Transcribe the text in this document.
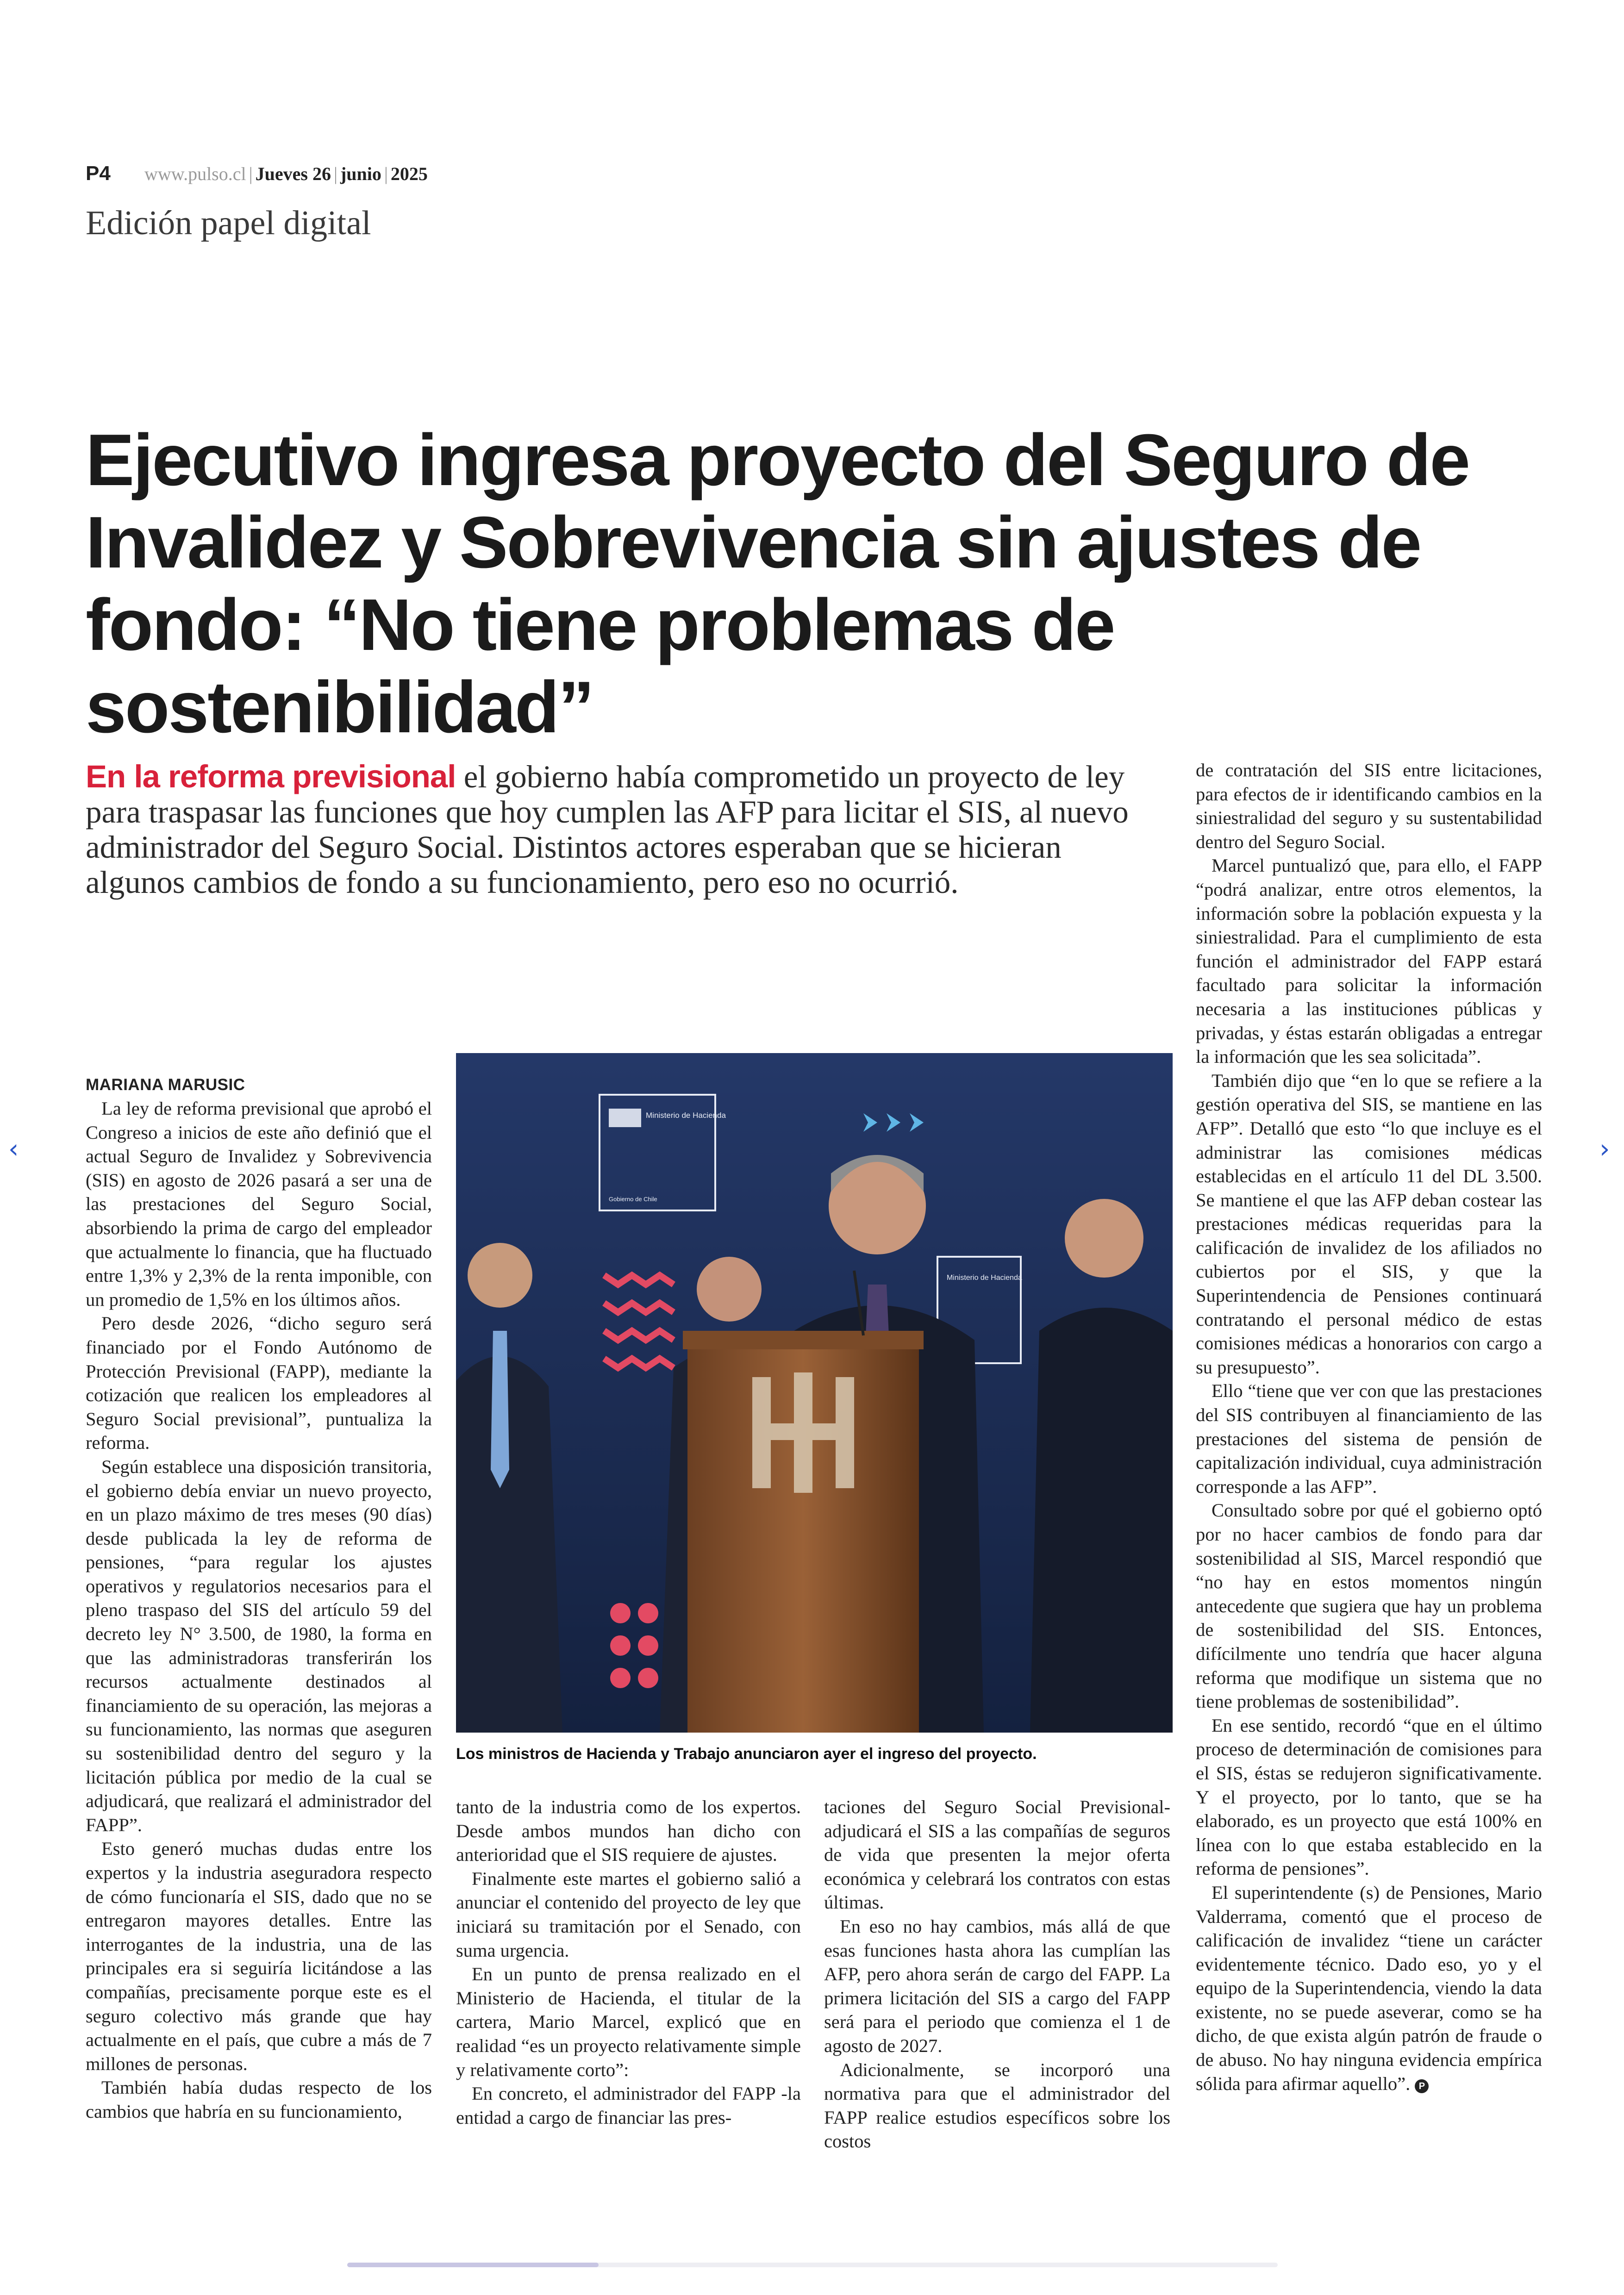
P4 www.pulso.cl | Jueves 26 | junio | 2025
Edición papel digital
Ejecutivo ingresa proyecto del Seguro de Invalidez y Sobrevivencia sin ajustes de fondo: “No tiene problemas de sostenibilidad”
En la reforma previsional el gobierno había comprometido un proyecto de ley para traspasar las funciones que hoy cumplen las AFP para licitar el SIS, al nuevo administrador del Seguro Social. Distintos actores esperaban que se hicieran algunos cambios de fondo a su funcionamiento, pero eso no ocurrió.
MARIANA MARUSIC

La ley de reforma previsional que aprobó el Congreso a inicios de este año definió que el actual Seguro de Invalidez y Sobrevivencia (SIS) en agosto de 2026 pasará a ser una de las prestaciones del Seguro Social, absorbiendo la prima de cargo del empleador que actualmente lo financia, que ha fluctuado entre 1,3% y 2,3% de la renta imponible, con un promedio de 1,5% en los últimos años.

Pero desde 2026, “dicho seguro será financiado por el Fondo Autónomo de Protección Previsional (FAPP), mediante la cotización que realicen los empleadores al Seguro Social previsional”, puntualiza la reforma.

Según establece una disposición transitoria, el gobierno debía enviar un nuevo proyecto, en un plazo máximo de tres meses (90 días) desde publicada la ley de reforma de pensiones, “para regular los ajustes operativos y regulatorios necesarios para el pleno traspaso del SIS del artículo 59 del decreto ley N° 3.500, de 1980, la forma en que las administradoras transferirán los recursos actualmente destinados al financiamiento de su operación, las mejoras a su funcionamiento, las normas que aseguren su sostenibilidad dentro del seguro y la licitación pública por medio de la cual se adjudicará, que realizará el administrador del FAPP”.

Esto generó muchas dudas entre los expertos y la industria aseguradora respecto de cómo funcionaría el SIS, dado que no se entregaron mayores detalles. Entre las interrogantes de la industria, una de las principales era si seguiría licitándose a las compañías, precisamente porque este es el seguro colectivo más grande que hay actualmente en el país, que cubre a más de 7 millones de personas.

También había dudas respecto de los cambios que habría en su funcionamiento,

Ministerio de Hacienda
Gobierno de Chile
Ministerio de Hacienda
Los ministros de Hacienda y Trabajo anunciaron ayer el ingreso del proyecto.

tanto de la industria como de los expertos. Desde ambos mundos han dicho con anterioridad que el SIS requiere de ajustes.

Finalmente este martes el gobierno salió a anunciar el contenido del proyecto de ley que iniciará su tramitación por el Senado, con suma urgencia.

En un punto de prensa realizado en el Ministerio de Hacienda, el titular de la cartera, Mario Marcel, explicó que en realidad “es un proyecto relativamente simple y relativamente corto”:

En concreto, el administrador del FAPP -la entidad a cargo de financiar las pres-

taciones del Seguro Social Previsional- adjudicará el SIS a las compañías de seguros de vida que presenten la mejor oferta económica y celebrará los contratos con estas últimas.

En eso no hay cambios, más allá de que esas funciones hasta ahora las cumplían las AFP, pero ahora serán de cargo del FAPP. La primera licitación del SIS a cargo del FAPP será para el periodo que comienza el 1 de agosto de 2027.

Adicionalmente, se incorporó una normativa para que el administrador del FAPP realice estudios específicos sobre los costos

de contratación del SIS entre licitaciones, para efectos de ir identificando cambios en la siniestralidad del seguro y su sustentabilidad dentro del Seguro Social.

Marcel puntualizó que, para ello, el FAPP “podrá analizar, entre otros elementos, la información sobre la población expuesta y la siniestralidad. Para el cumplimiento de esta función el administrador del FAPP estará facultado para solicitar la información necesaria a las instituciones públicas y privadas, y éstas estarán obligadas a entregar la información que les sea solicitada”.

También dijo que “en lo que se refiere a la gestión operativa del SIS, se mantiene en las AFP”. Detalló que esto “lo que incluye es el administrar las comisiones médicas establecidas en el artículo 11 del DL 3.500. Se mantiene el que las AFP deban costear las prestaciones médicas requeridas para la calificación de invalidez de los afiliados no cubiertos por el SIS, y que la Superintendencia de Pensiones continuará contratando el personal médico de estas comisiones médicas a honorarios con cargo a su presupuesto”.

Ello “tiene que ver con que las prestaciones del SIS contribuyen al financiamiento de las prestaciones del sistema de pensión de capitalización individual, cuya administración corresponde a las AFP”.

Consultado sobre por qué el gobierno optó por no hacer cambios de fondo para dar sostenibilidad al SIS, Marcel respondió que “no hay en estos momentos ningún antecedente que sugiera que hay un problema de sostenibilidad del SIS. Entonces, difícilmente uno tendría que hacer alguna reforma que modifique un sistema que no tiene problemas de sostenibilidad”.

En ese sentido, recordó “que en el último proceso de determinación de comisiones para el SIS, éstas se redujeron significativamente. Y el proyecto, por lo tanto, que se ha elaborado, es un proyecto que está 100% en línea con lo que estaba establecido en la reforma de pensiones”.

El superintendente (s) de Pensiones, Mario Valderrama, comentó que el proceso de calificación de invalidez “tiene un carácter evidentemente técnico. Dado eso, yo y el equipo de la Superintendencia, viendo la data existente, no se puede aseverar, como se ha dicho, de que exista algún patrón de fraude o de abuso. No hay ninguna evidencia empírica sólida para afirmar aquello”. P

‹	›
